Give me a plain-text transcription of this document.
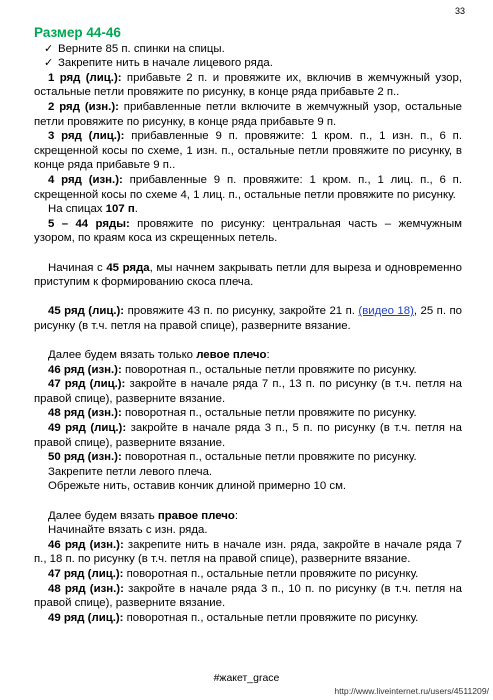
33
Размер 44-46
✓ Верните 85 п. спинки на спицы.
✓ Закрепите нить в начале лицевого ряда.
1 ряд (лиц.): прибавьте 2 п. и провяжите их, включив в жемчужный узор, остальные петли провяжите по рисунку, в конце ряда прибавьте 2 п..
2 ряд (изн.): прибавленные петли включите в жемчужный узор, остальные петли провяжите по рисунку, в конце ряда прибавьте 9 п.
3 ряд (лиц.): прибавленные 9 п. провяжите: 1 кром. п., 1 изн. п., 6 п. скрещенной косы по схеме, 1 изн. п., остальные петли провяжите по рисунку, в конце ряда прибавьте 9 п..
4 ряд (изн.): прибавленные 9 п. провяжите: 1 кром. п., 1 лиц. п., 6 п. скрещенной косы по схеме 4, 1 лиц. п., остальные петли провяжите по рисунку.
На спицах 107 п.
5 – 44 ряды: провяжите по рисунку: центральная часть – жемчужным узором, по краям коса из скрещенных петель.
Начиная с 45 ряда, мы начнем закрывать петли для выреза и одновременно приступим к формированию скоса плеча.
45 ряд (лиц.): провяжите 43 п. по рисунку, закройте 21 п. (видео 18), 25 п. по рисунку (в т.ч. петля на правой спице), разверните вязание.
Далее будем вязать только левое плечо:
46 ряд (изн.): поворотная п., остальные петли провяжите по рисунку.
47 ряд (лиц.): закройте в начале ряда 7 п., 13 п. по рисунку (в т.ч. петля на правой спице), разверните вязание.
48 ряд (изн.): поворотная п., остальные петли провяжите по рисунку.
49 ряд (лиц.): закройте в начале ряда 3 п., 5 п. по рисунку (в т.ч. петля на правой спице), разверните вязание.
50 ряд (изн.): поворотная п., остальные петли провяжите по рисунку.
Закрепите петли левого плеча.
Обрежьте нить, оставив кончик длиной примерно 10 см.
Далее будем вязать правое плечо:
Начинайте вязать с изн. ряда.
46 ряд (изн.): закрепите нить в начале изн. ряда, закройте в начале ряда 7 п., 18 п. по рисунку (в т.ч. петля на правой спице), разверните вязание.
47 ряд (лиц.): поворотная п., остальные петли провяжите по рисунку.
48 ряд (изн.): закройте в начале ряда 3 п., 10 п. по рисунку (в т.ч. петля на правой спице), разверните вязание.
49 ряд (лиц.): поворотная п., остальные петли провяжите по рисунку.
#жакет_grace
http://www.liveinternet.ru/users/4511209/
